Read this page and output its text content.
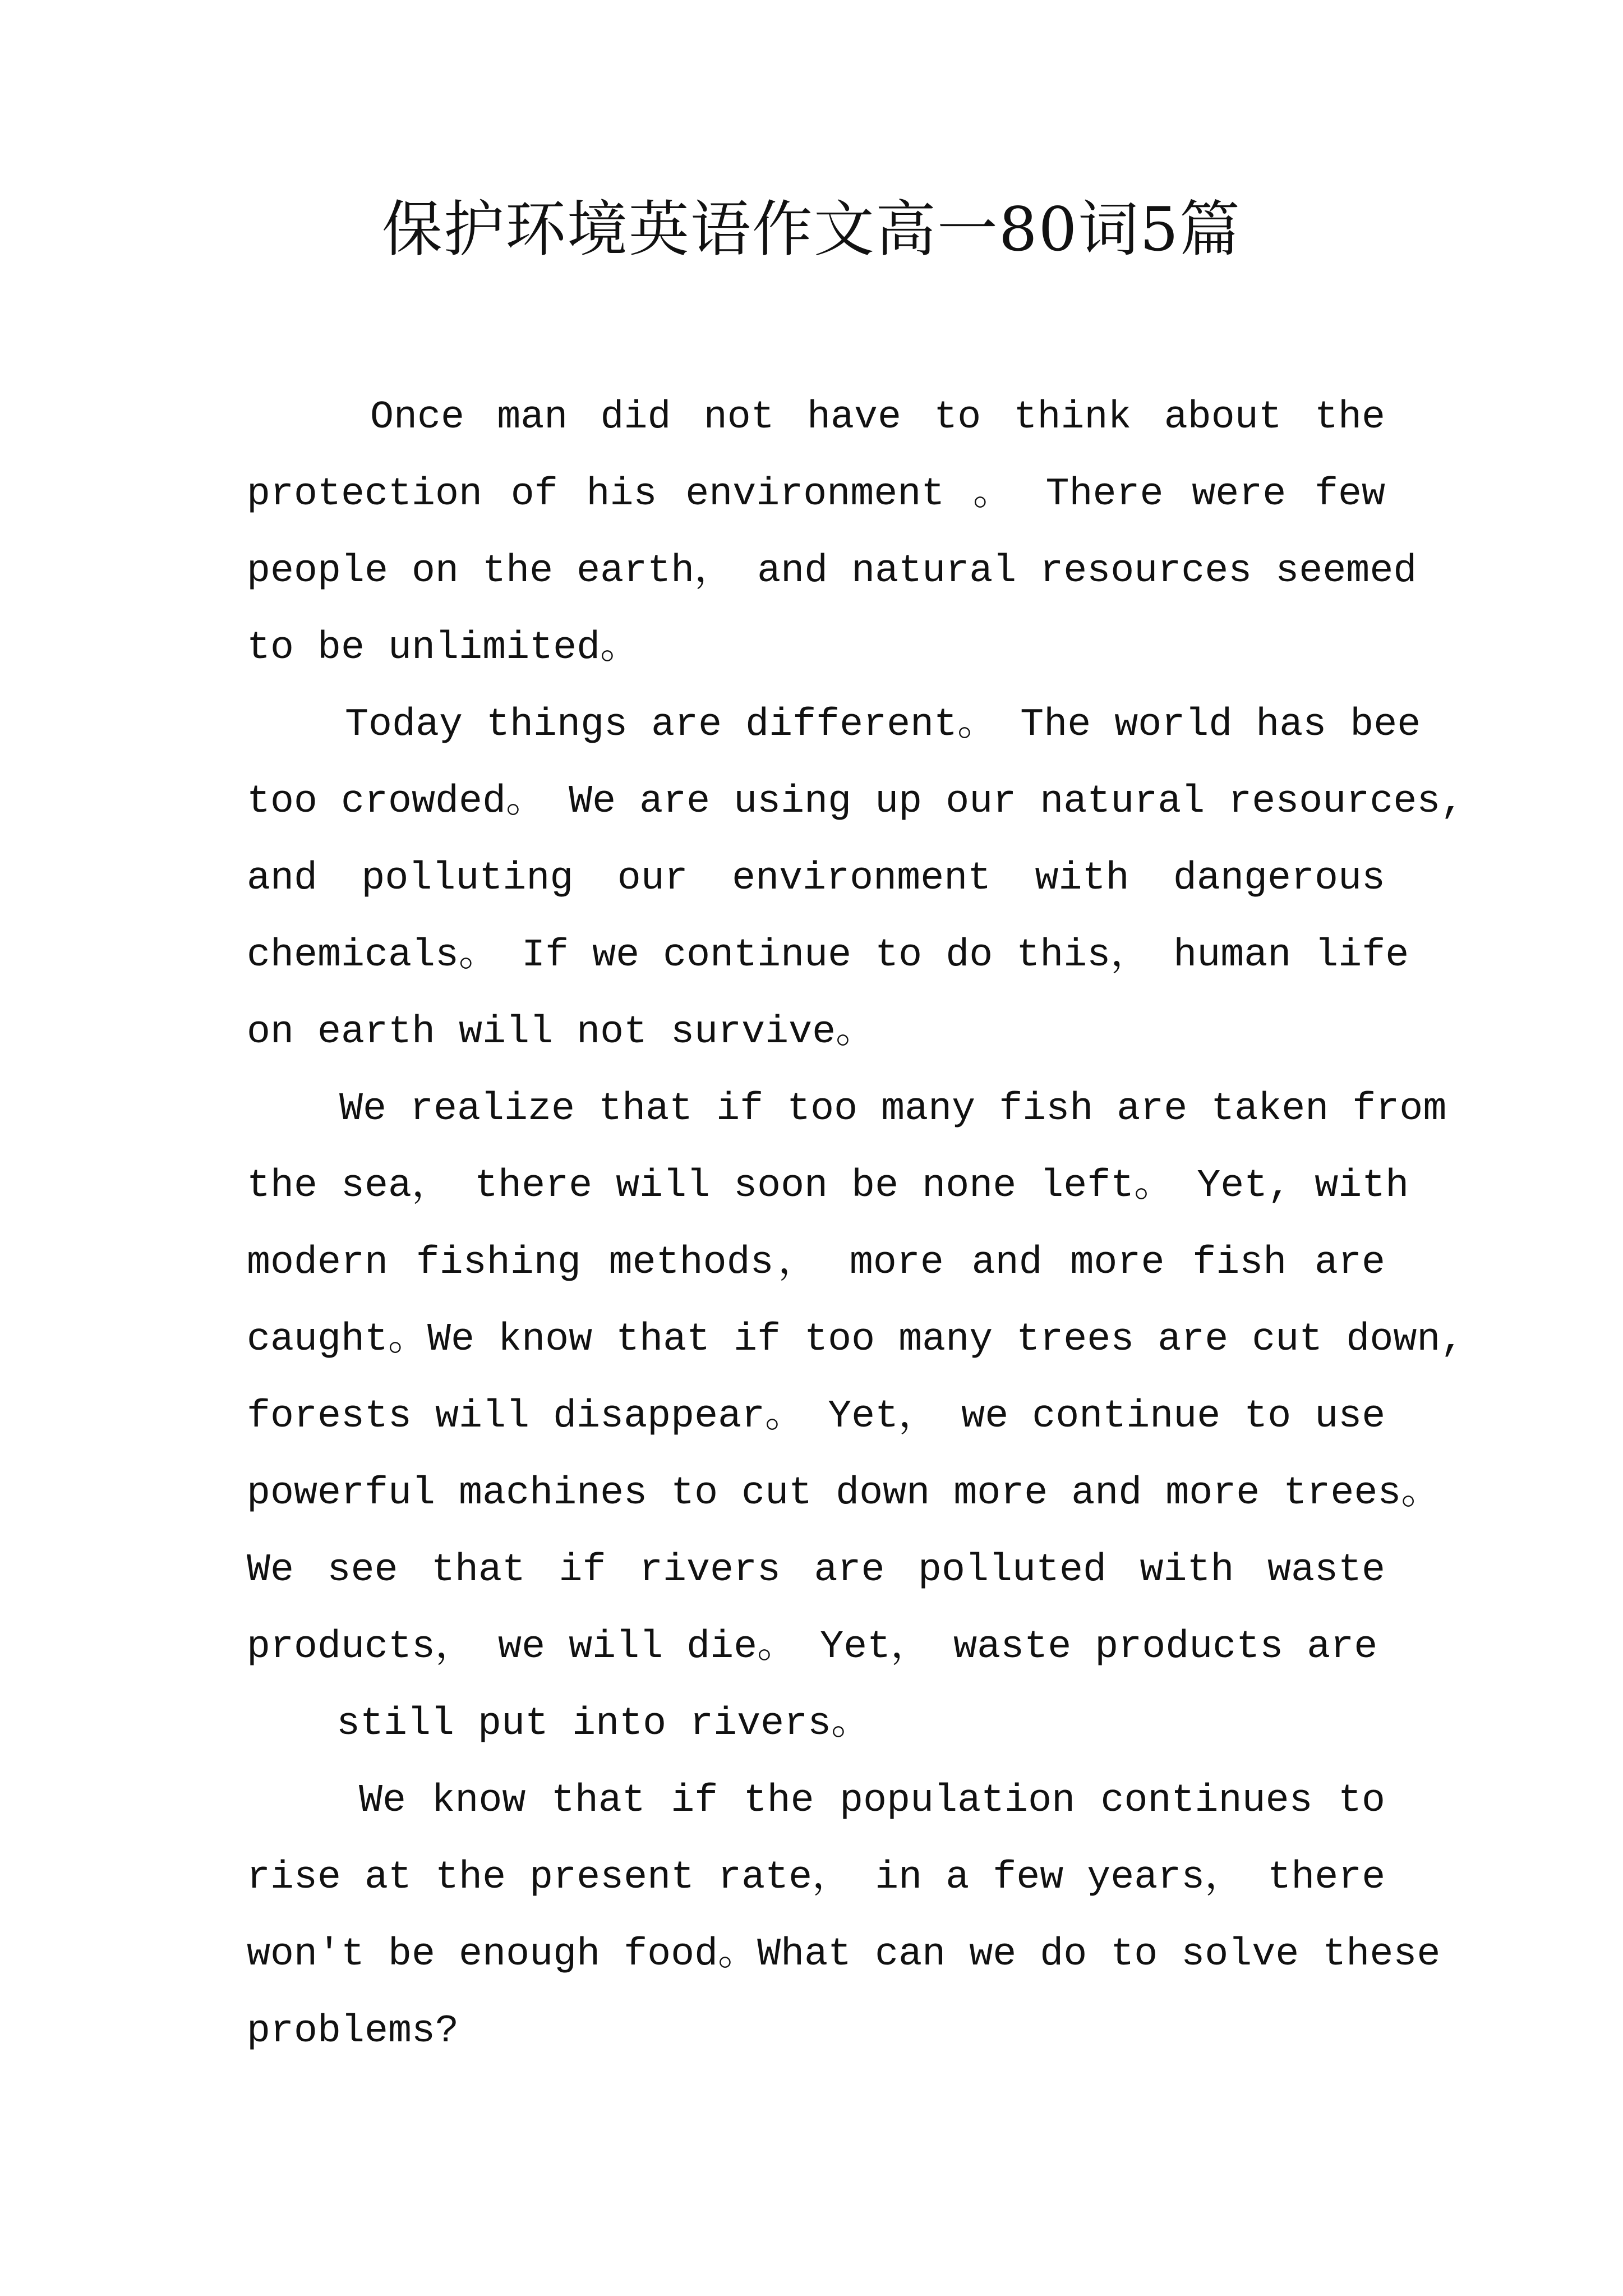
保护环境英语作文高一80词5篇
Once man did not have to think about the
protection of his environment 。 There were few
people on the earth， and natural resources seemed
to be unlimited。
Today things are different。 The world has bee
too crowded。 We are using up our natural resources,
and polluting our environment with dangerous
chemicals。 If we continue to do this， human life
on earth will not survive。
We realize that if too many fish are taken from
the sea， there will soon be none left。 Yet, with
modern fishing methods， more and more fish are
caught。We know that if too many trees are cut down,
forests will disappear。 Yet， we continue to use
powerful machines to cut down more and more trees。
We see that if rivers are polluted with waste
products， we will die。 Yet， waste products are
still put into rivers。
We know that if the population continues to
rise at the present rate， in a few years， there
won't be enough food。What can we do to solve these
problems?
